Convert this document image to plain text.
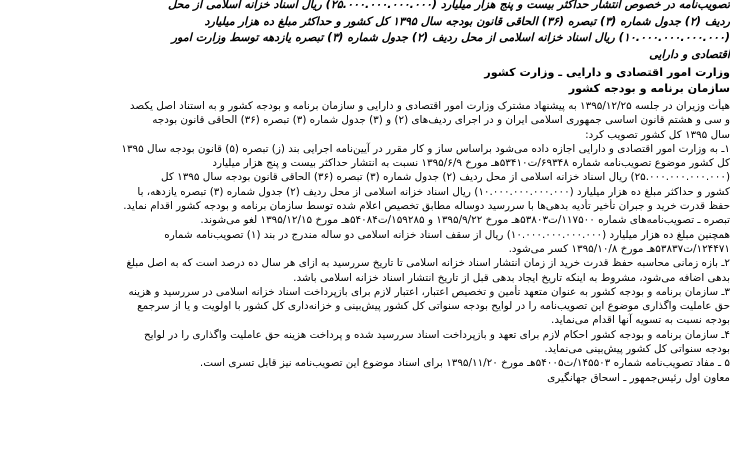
تصویب‌نامه در خصوص انتشار حداکثر بیست و پنج هزار میلیارد (۲۵.۰۰۰.۰۰۰.۰۰۰.۰۰۰) ریال اسناد خزانه اسلامی از محل
ردیف (۲) جدول شماره (۳) تبصره (۳۶) الحاقی قانون بودجه سال ۱۳۹۵ کل کشور و حداکثر مبلغ ده هزار میلیارد
(۱۰.۰۰۰.۰۰۰.۰۰۰.۰۰۰) ریال اسناد خزانه اسلامی از محل ردیف (۲) جدول شماره (۳) تبصره یازدهه توسط وزارت امور
اقتصادی و دارایی
وزارت امور اقتصادی و دارایی ـ وزارت کشور
سازمان برنامه و بودجه کشور
هیأت وزیران در جلسه ۱۳۹۵/۱۲/۲۵ به پیشنهاد مشترک وزارت امور اقتصادی و دارایی و سازمان برنامه و بودجه کشور و به استناد اصل یکصد
و سی و هشتم قانون اساسی جمهوری اسلامی ایران و در اجرای ردیف‌های (۲) و (۳) جدول شماره (۳) تبصره (۳۶) الحاقی قانون بودجه
سال ۱۳۹۵ کل کشور تصویب کرد:
۱ـ به وزارت امور اقتصادی و دارایی اجازه داده می‌شود براساس ساز و کار مقرر در آیین‌نامه اجرایی بند (ز) تبصره (۵) قانون بودجه سال ۱۳۹۵
کل کشور موضوع تصویب‌نامه شماره ۶۹۳۴۸/ت۵۳۴۱۰هـ مورخ ۱۳۹۵/۶/۹ نسبت به انتشار حداکثر بیست و پنج هزار میلیارد
(۲۵.۰۰۰.۰۰۰.۰۰۰.۰۰۰) ریال اسناد خزانه اسلامی از محل ردیف (۲) جدول شماره (۳) تبصره (۳۶) الحاقی قانون بودجه سال ۱۳۹۵ کل
کشور و حداکثر مبلغ ده هزار میلیارد (۱۰.۰۰۰.۰۰۰.۰۰۰.۰۰۰) ریال اسناد خزانه اسلامی از محل ردیف (۲) جدول شماره (۳) تبصره یازدهه، با
حفظ قدرت خرید و جبران تأخیر تأدیه بدهی‌ها با سررسید دوساله مطابق تخصیص اعلام شده توسط سازمان برنامه و بودجه کشور اقدام نماید.
تبصره ـ تصویب‌نامه‌های شماره ۱۱۷۵۰۰/ت۵۳۸۰۳هـ مورخ ۱۳۹۵/۹/۲۲ و ۱۵۹۲۸۵/ت۵۴۰۸۴هـ مورخ ۱۳۹۵/۱۲/۱۵ لغو می‌شوند.
همچنین مبلغ ده هزار میلیارد (۱۰.۰۰۰.۰۰۰.۰۰۰.۰۰۰) ریال از سقف اسناد خزانه اسلامی دو ساله مندرج در بند (۱) تصویب‌نامه شماره
۱۲۴۴۷۱/ت۵۳۸۳۷هـ مورخ ۱۳۹۵/۱۰/۸ کسر می‌شود.
۲ـ بازه زمانی محاسبه حفظ قدرت خرید از زمان انتشار اسناد خزانه اسلامی تا تاریخ سررسید به ازای هر سال ده درصد است که به اصل مبلغ
بدهی اضافه می‌شود، مشروط به اینکه تاریخ ایجاد بدهی قبل از تاریخ انتشار اسناد خزانه اسلامی باشد.
۳ـ سازمان برنامه و بودجه کشور به عنوان متعهد تأمین و تخصیص اعتبار، اعتبار لازم برای بازپرداخت اسناد خزانه اسلامی در سررسید و هزینه
حق عاملیت واگذاری موضوع این تصویب‌نامه را در لوایح بودجه سنواتی کل کشور پیش‌بینی و خزانه‌داری کل کشور با اولویت و یا از سرجمع
بودجه نسبت به تسویه آنها اقدام می‌نماید.
۴ـ سازمان برنامه و بودجه کشور احکام لازم برای تعهد و بازپرداخت اسناد سررسید شده و پرداخت هزینه حق عاملیت واگذاری را در لوایح
بودجه سنواتی کل کشور پیش‌بینی می‌نماید.
۵ ـ مفاد تصویب‌نامه شماره ۱۴۵۵۰۳/ت۵۴۰۰۵هـ مورخ ۱۳۹۵/۱۱/۲۰ برای اسناد موضوع این تصویب‌نامه نیز قابل تسری است.
معاون اول رئیس‌جمهور ـ اسحاق جهانگیری
